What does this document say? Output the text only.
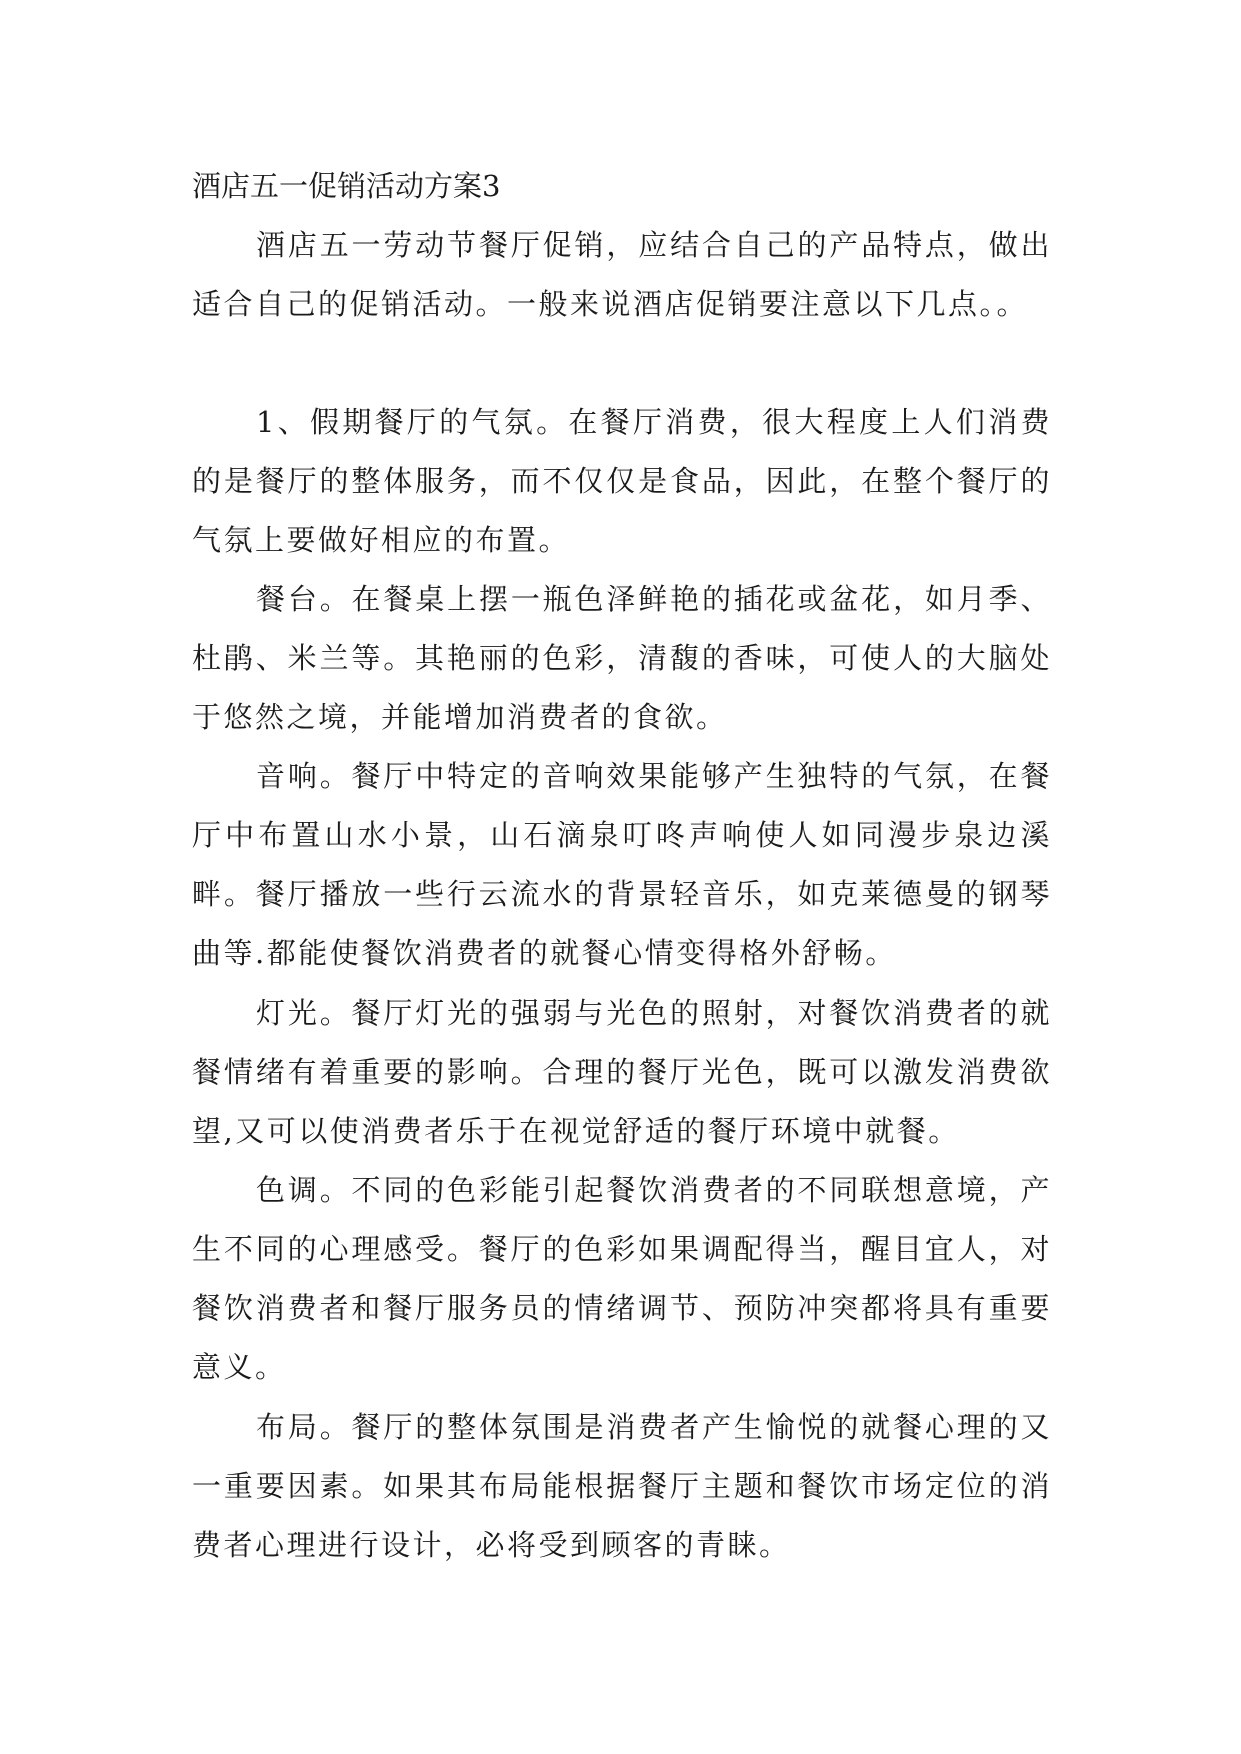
酒店五一促销活动方案3

酒店五一劳动节餐厅促销，应结合自己的产品特点，做出适合自己的促销活动。一般来说酒店促销要注意以下几点。。

1、假期餐厅的气氛。在餐厅消费，很大程度上人们消费的是餐厅的整体服务，而不仅仅是食品，因此，在整个餐厅的气氛上要做好相应的布置。

餐台。在餐桌上摆一瓶色泽鲜艳的插花或盆花，如月季、杜鹃、米兰等。其艳丽的色彩，清馥的香味，可使人的大脑处于悠然之境，并能增加消费者的食欲。

音响。餐厅中特定的音响效果能够产生独特的气氛，在餐厅中布置山水小景，山石滴泉叮咚声响使人如同漫步泉边溪畔。餐厅播放一些行云流水的背景轻音乐，如克莱德曼的钢琴曲等.都能使餐饮消费者的就餐心情变得格外舒畅。

灯光。餐厅灯光的强弱与光色的照射，对餐饮消费者的就餐情绪有着重要的影响。合理的餐厅光色，既可以激发消费欲望,又可以使消费者乐于在视觉舒适的餐厅环境中就餐。

色调。不同的色彩能引起餐饮消费者的不同联想意境，产生不同的心理感受。餐厅的色彩如果调配得当，醒目宜人，对餐饮消费者和餐厅服务员的情绪调节、预防冲突都将具有重要意义。

布局。餐厅的整体氛围是消费者产生愉悦的就餐心理的又一重要因素。如果其布局能根据餐厅主题和餐饮市场定位的消费者心理进行设计，必将受到顾客的青睐。
